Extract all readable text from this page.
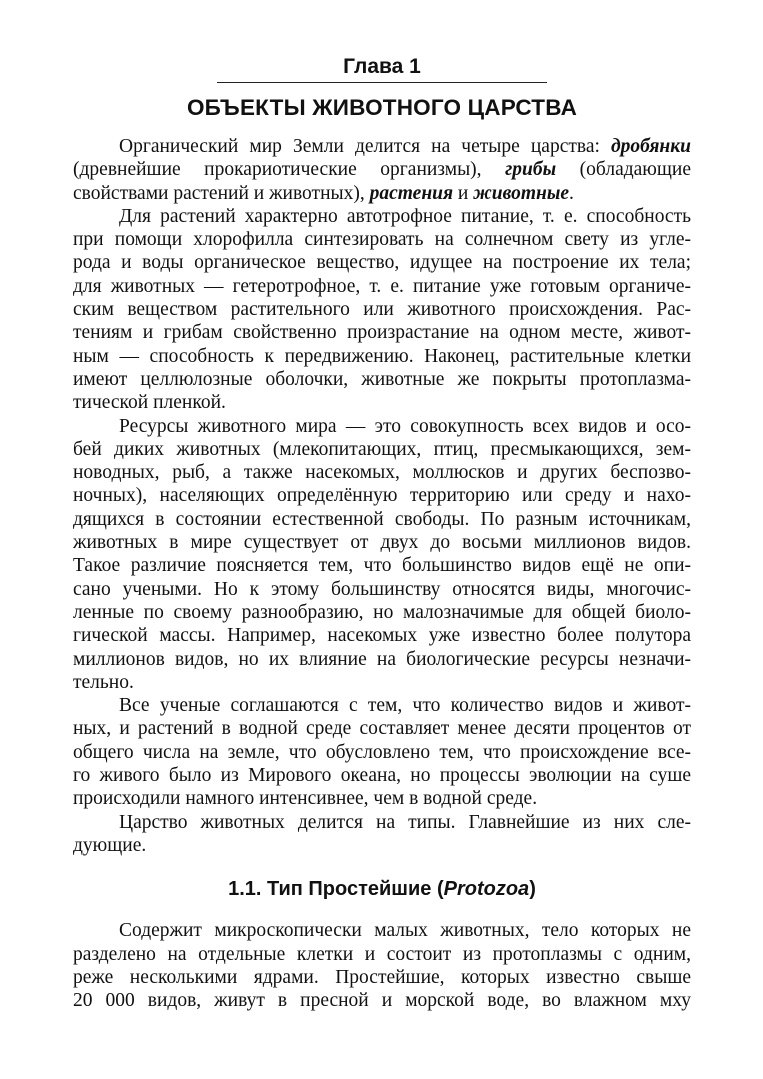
Глава 1
ОБЪЕКТЫ ЖИВОТНОГО ЦАРСТВА
Органический мир Земли делится на четыре царства: дробянки
(древнейшие прокариотические организмы), грибы (обладающие
свойствами растений и животных), растения и животные.
Для растений характерно автотрофное питание, т. е. способность
при помощи хлорофилла синтезировать на солнечном свету из угле-
рода и воды органическое вещество, идущее на построение их тела;
для животных — гетеротрофное, т. е. питание уже готовым органиче-
ским веществом растительного или животного происхождения. Рас-
тениям и грибам свойственно произрастание на одном месте, живот-
ным — способность к передвижению. Наконец, растительные клетки
имеют целлюлозные оболочки, животные же покрыты протоплазма-
тической пленкой.
Ресурсы животного мира — это совокупность всех видов и осо-
бей диких животных (млекопитающих, птиц, пресмыкающихся, зем-
новодных, рыб, а также насекомых, моллюсков и других беспозво-
ночных), населяющих определённую территорию или среду и нахо-
дящихся в состоянии естественной свободы. По разным источникам,
животных в мире существует от двух до восьми миллионов видов.
Такое различие поясняется тем, что большинство видов ещё не опи-
сано учеными. Но к этому большинству относятся виды, многочис-
ленные по своему разнообразию, но малозначимые для общей биоло-
гической массы. Например, насекомых уже известно более полутора
миллионов видов, но их влияние на биологические ресурсы незначи-
тельно.
Все ученые соглашаются с тем, что количество видов и живот-
ных, и растений в водной среде составляет менее десяти процентов от
общего числа на земле, что обусловлено тем, что происхождение все-
го живого было из Мирового океана, но процессы эволюции на суше
происходили намного интенсивнее, чем в водной среде.
Царство животных делится на типы. Главнейшие из них сле-
дующие.
1.1. Тип Простейшие (Protozoa)
Содержит микроскопически малых животных, тело которых не
разделено на отдельные клетки и состоит из протоплазмы с одним,
реже несколькими ядрами. Простейшие, которых известно свыше
20 000 видов, живут в пресной и морской воде, во влажном мху
